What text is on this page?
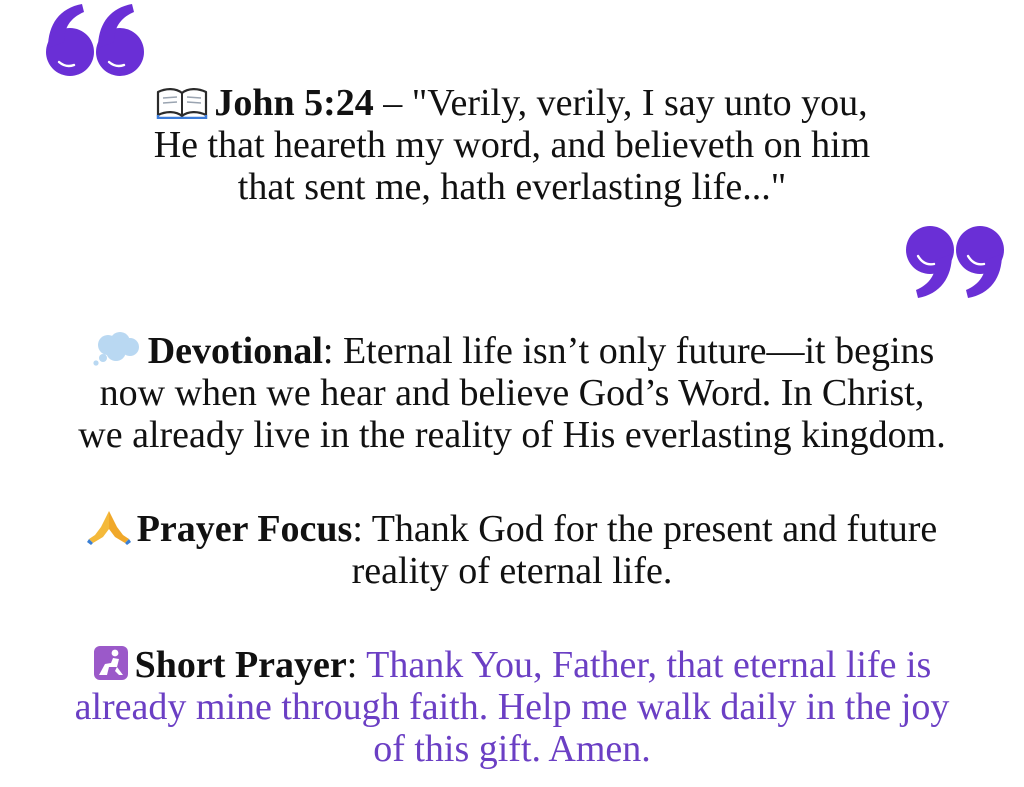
John 5:24 – "Verily, verily, I say unto you,
He that heareth my word, and believeth on him
that sent me, hath everlasting life..."
Devotional: Eternal life isn’t only future—it begins
now when we hear and believe God’s Word. In Christ,
we already live in the reality of His everlasting kingdom.
Prayer Focus: Thank God for the present and future
reality of eternal life.
Short Prayer: Thank You, Father, that eternal life is
already mine through faith. Help me walk daily in the joy
of this gift. Amen.
